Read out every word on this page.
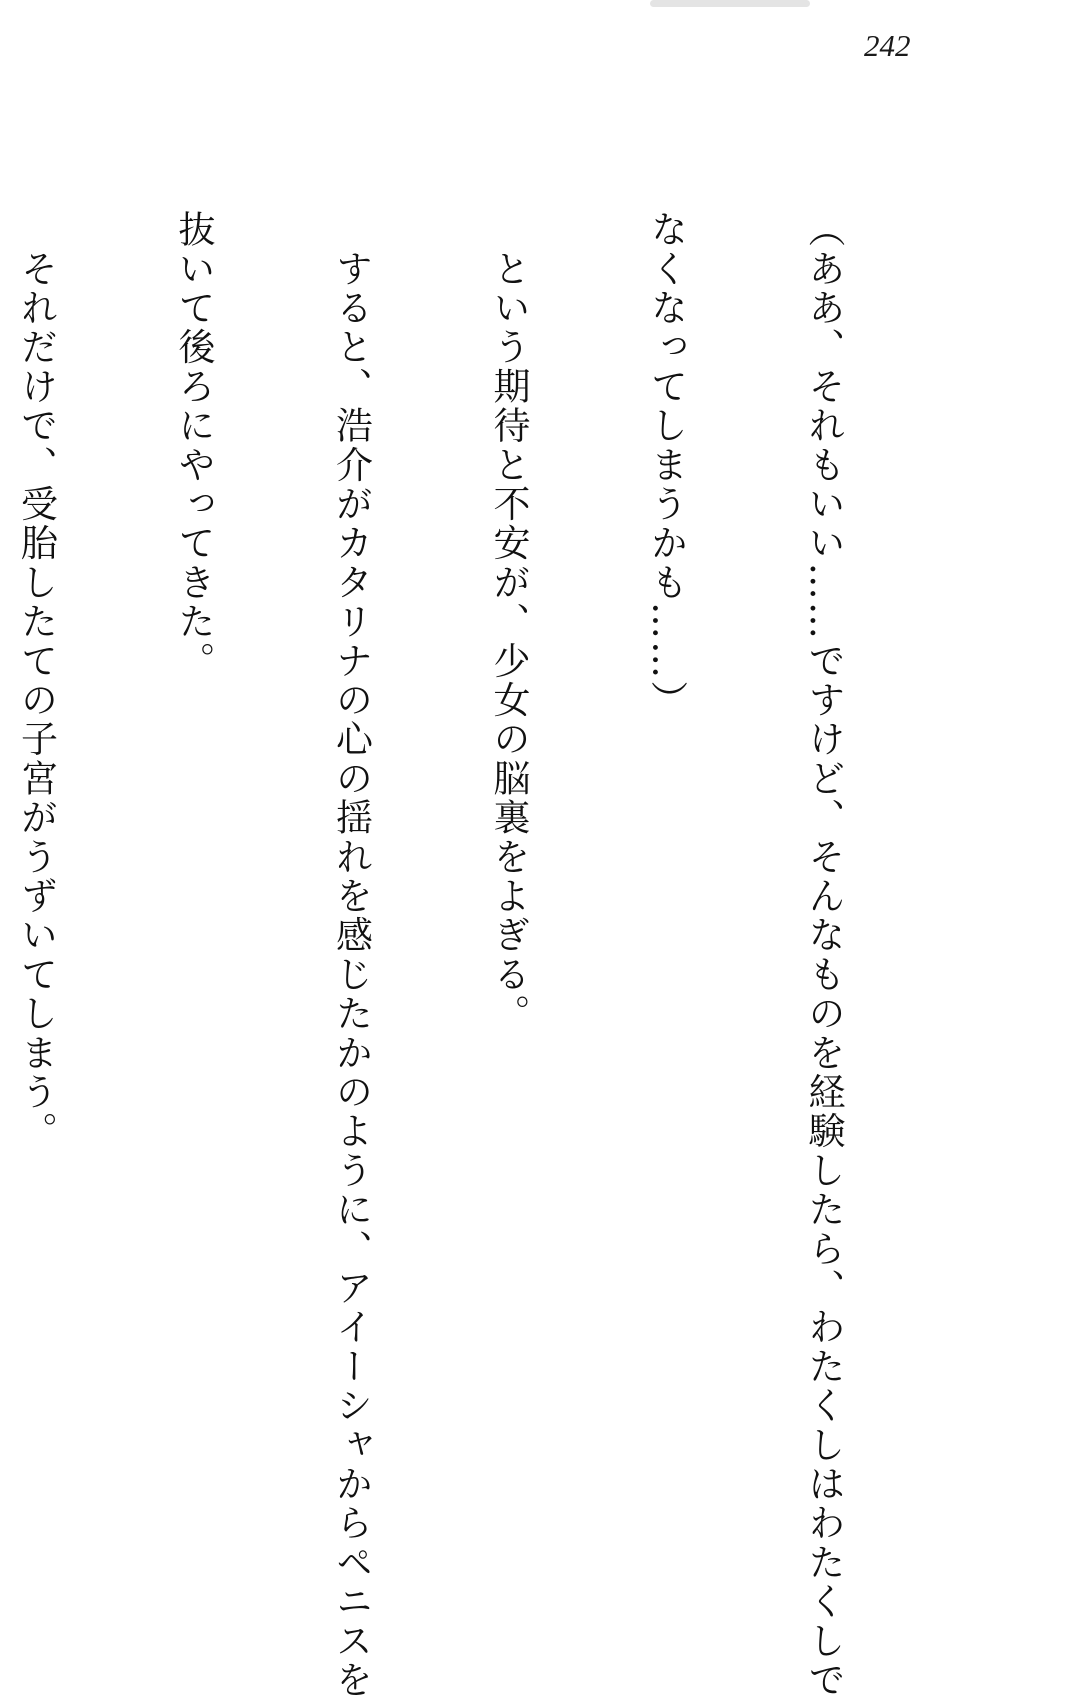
242

（ああ、それもいい……ですけど、そんなものを経験したら、わたくしはわたくしで

なくなってしまうかも……）

　という期待と不安が、少女の脳裏をよぎる。

　すると、浩介がカタリナの心の揺れを感じたかのように、アイーシャからペニスを

抜いて後ろにやってきた。

　それだけで、受胎したての子宮がうずいてしまう。
